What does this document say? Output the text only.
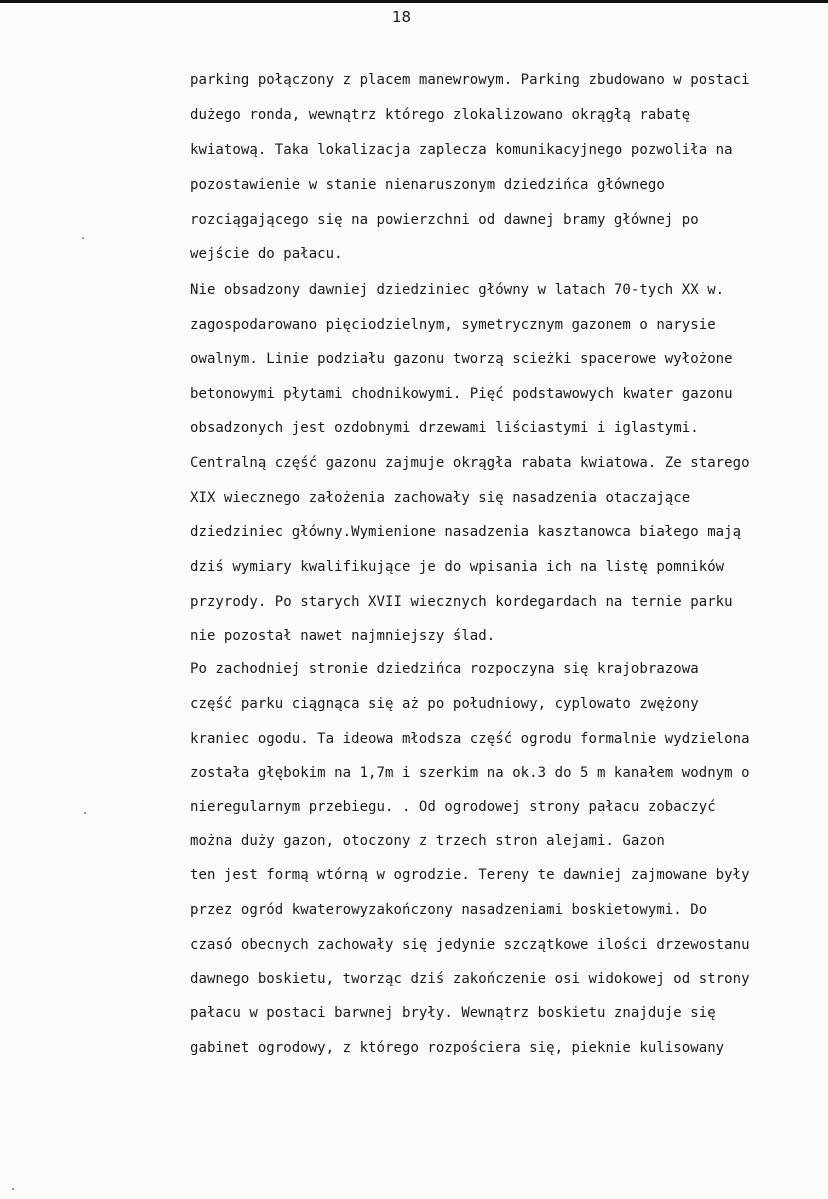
18
parking połączony z placem manewrowym. Parking zbudowano w postaci
dużego ronda, wewnątrz którego zlokalizowano okrągłą rabatę
kwiatową. Taka lokalizacja zaplecza komunikacyjnego pozwoliła na
pozostawienie w stanie nienaruszonym dziedzińca głównego
rozciągającego się na powierzchni od dawnej bramy głównej po
wejście do pałacu.
Nie obsadzony dawniej dziedziniec główny w latach 70-tych XX w.
zagospodarowano pięciodzielnym, symetrycznym gazonem o narysie
owalnym. Linie podziału gazonu tworzą scieżki spacerowe wyłożone
betonowymi płytami chodnikowymi. Pięć podstawowych kwater gazonu
obsadzonych jest ozdobnymi drzewami liściastymi i iglastymi.
Centralną część gazonu zajmuje okrągła rabata kwiatowa. Ze starego
XIX wiecznego założenia zachowały się nasadzenia otaczające
dziedziniec główny.Wymienione nasadzenia kasztanowca białego mają
dziś wymiary kwalifikujące je do wpisania ich na listę pomników
przyrody. Po starych XVII wiecznych kordegardach na ternie parku
nie pozostał nawet najmniejszy ślad.
Po zachodniej stronie dziedzińca rozpoczyna się krajobrazowa
część parku ciągnąca się aż po południowy, cyplowato zwężony
kraniec ogodu. Ta ideowa młodsza część ogrodu formalnie wydzielona
została głębokim na 1,7m i szerkim na ok.3 do 5 m kanałem wodnym o
nieregularnym przebiegu. . Od ogrodowej strony pałacu zobaczyć
można duży gazon, otoczony z trzech stron alejami. Gazon
ten jest formą wtórną w ogrodzie. Tereny te dawniej zajmowane były
przez ogród kwaterowyzakończony nasadzeniami boskietowymi. Do
czasó obecnych zachowały się jedynie szczątkowe ilości drzewostanu
dawnego boskietu, tworząc dziś zakończenie osi widokowej od strony
pałacu w postaci barwnej bryły. Wewnątrz boskietu znajduje się
gabinet ogrodowy, z którego rozpościera się, pieknie kulisowany
